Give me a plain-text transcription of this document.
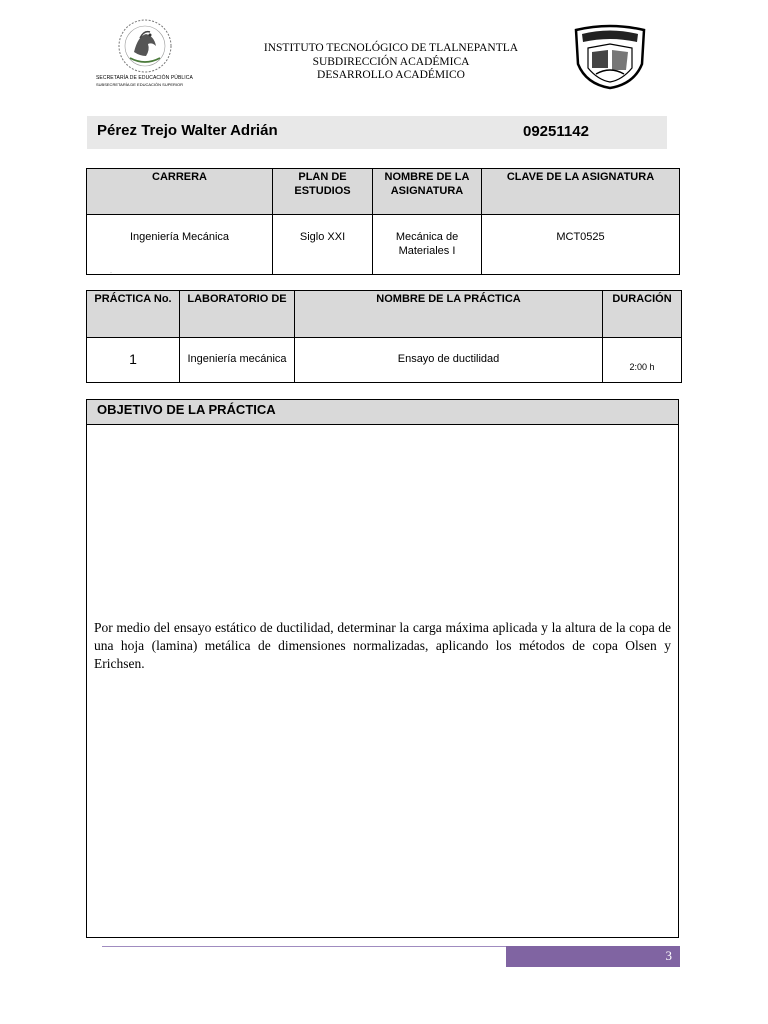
SECRETARÍA DE EDUCACIÓN PÚBLICA
SUBSECRETARÍA DE EDUCACIÓN SUPERIOR
INSTITUTO TECNOLÓGICO DE TLALNEPANTLA
SUBDIRECCIÓN ACADÉMICA
DESARROLLO ACADÉMICO
Pérez Trejo Walter Adrián	09251142
CARRERA	PLAN DE ESTUDIOS	NOMBRE DE LA ASIGNATURA	CLAVE DE LA ASIGNATURA
Ingeniería Mecánica	Siglo XXI	Mecánica de Materiales I	MCT0525
·
PRÁCTICA No.	LABORATORIO DE	NOMBRE DE LA PRÁCTICA	DURACIÓN
1	Ingeniería mecánica	Ensayo de ductilidad	2:00 h
OBJETIVO DE LA PRÁCTICA
Por medio del ensayo estático de ductilidad, determinar la carga máxima aplicada y la altura de la copa de una hoja (lamina) metálica de dimensiones normalizadas, aplicando los métodos de copa Olsen y Erichsen.
3
